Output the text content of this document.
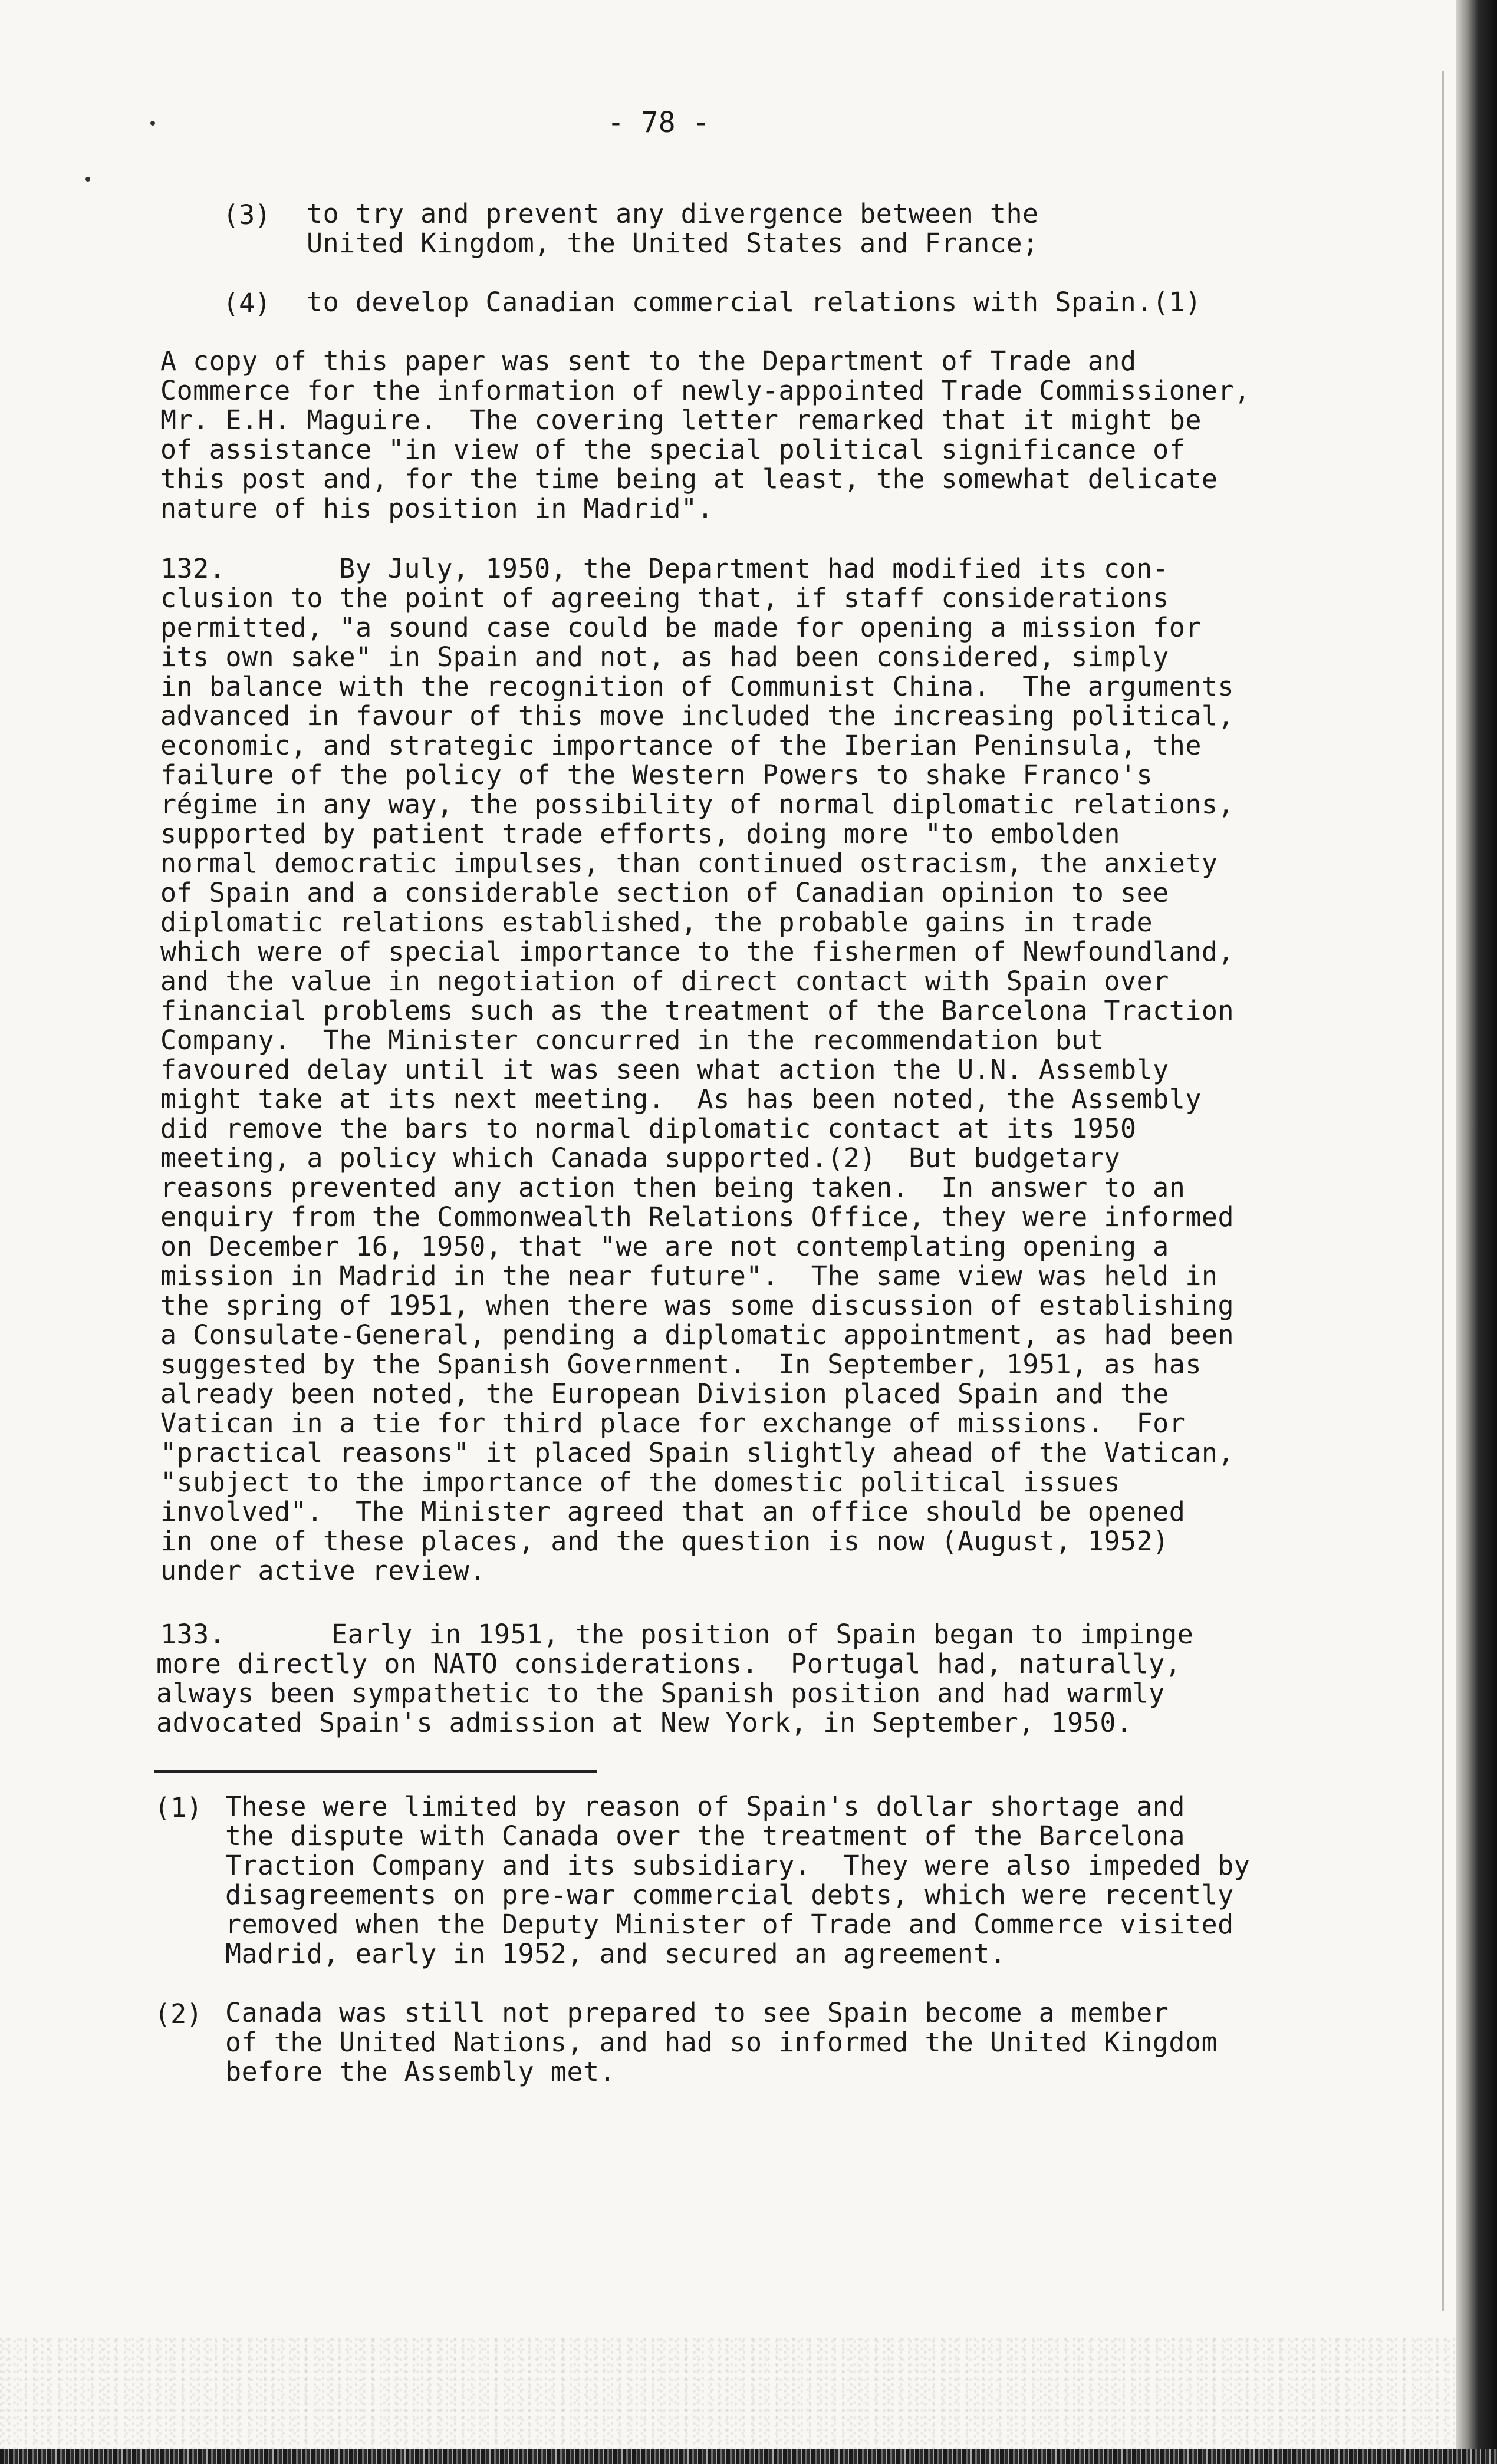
- 78 -
(3) to try and prevent any divergence between the
United Kingdom, the United States and France;
(4) to develop Canadian commercial relations with Spain.(1)
A copy of this paper was sent to the Department of Trade and
Commerce for the information of newly-appointed Trade Commissioner,
Mr. E.H. Maguire.  The covering letter remarked that it might be
of assistance "in view of the special political significance of
this post and, for the time being at least, the somewhat delicate
nature of his position in Madrid".
132.	By July, 1950, the Department had modified its con-
clusion to the point of agreeing that, if staff considerations
permitted, "a sound case could be made for opening a mission for
its own sake" in Spain and not, as had been considered, simply
in balance with the recognition of Communist China.  The arguments
advanced in favour of this move included the increasing political,
economic, and strategic importance of the Iberian Peninsula, the
failure of the policy of the Western Powers to shake Franco's
régime in any way, the possibility of normal diplomatic relations,
supported by patient trade efforts, doing more "to embolden
normal democratic impulses, than continued ostracism, the anxiety
of Spain and a considerable section of Canadian opinion to see
diplomatic relations established, the probable gains in trade
which were of special importance to the fishermen of Newfoundland,
and the value in negotiation of direct contact with Spain over
financial problems such as the treatment of the Barcelona Traction
Company.  The Minister concurred in the recommendation but
favoured delay until it was seen what action the U.N. Assembly
might take at its next meeting.  As has been noted, the Assembly
did remove the bars to normal diplomatic contact at its 1950
meeting, a policy which Canada supported.(2)  But budgetary
reasons prevented any action then being taken.  In answer to an
enquiry from the Commonwealth Relations Office, they were informed
on December 16, 1950, that "we are not contemplating opening a
mission in Madrid in the near future".  The same view was held in
the spring of 1951, when there was some discussion of establishing
a Consulate-General, pending a diplomatic appointment, as had been
suggested by the Spanish Government.  In September, 1951, as has
already been noted, the European Division placed Spain and the
Vatican in a tie for third place for exchange of missions.  For
"practical reasons" it placed Spain slightly ahead of the Vatican,
"subject to the importance of the domestic political issues
involved".  The Minister agreed that an office should be opened
in one of these places, and the question is now (August, 1952)
under active review.
133.	Early in 1951, the position of Spain began to impinge
more directly on NATO considerations.  Portugal had, naturally,
always been sympathetic to the Spanish position and had warmly
advocated Spain's admission at New York, in September, 1950.
(1) These were limited by reason of Spain's dollar shortage and
the dispute with Canada over the treatment of the Barcelona
Traction Company and its subsidiary.  They were also impeded by
disagreements on pre-war commercial debts, which were recently
removed when the Deputy Minister of Trade and Commerce visited
Madrid, early in 1952, and secured an agreement.
(2) Canada was still not prepared to see Spain become a member
of the United Nations, and had so informed the United Kingdom
before the Assembly met.
